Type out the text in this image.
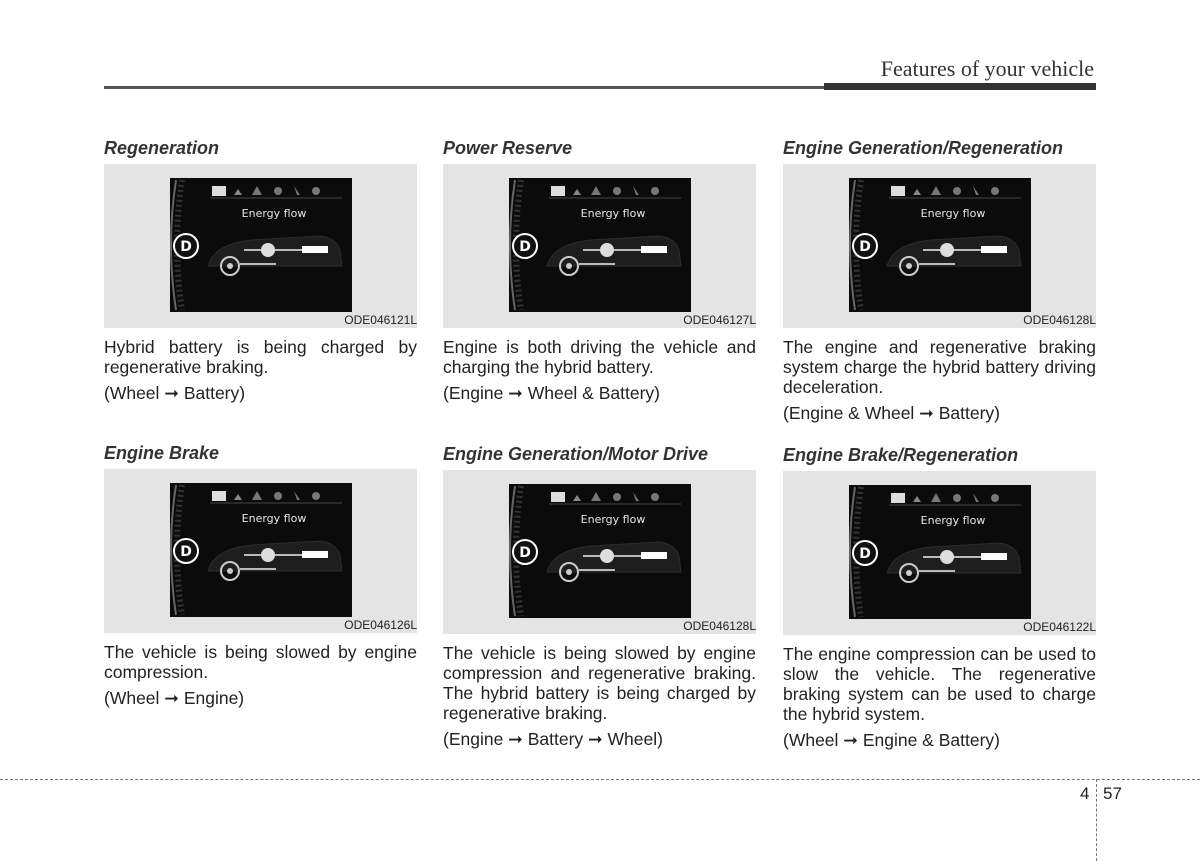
Features of your vehicle
Regeneration
Energy flow
D
ODE046121L

Hybrid battery is being charged by regenerative braking.

(Wheel ➞ Battery)

Power Reserve
Energy flow
D
ODE046127L

Engine is both driving the vehicle and charging the hybrid battery.

(Engine ➞ Wheel & Battery)

Engine Generation/Regeneration
Energy flow
D
ODE046128L

The engine and regenerative braking system charge the hybrid battery driving deceleration.

(Engine & Wheel ➞ Battery)

Engine Brake
Energy flow
D
ODE046126L

The vehicle is being slowed by engine compression.

(Wheel ➞ Engine)

Engine Generation/Motor Drive
Energy flow
D
ODE046128L

The vehicle is being slowed by engine compression and regenerative braking. The hybrid battery is being charged by regenerative braking.

(Engine ➞ Battery ➞ Wheel)

Engine Brake/Regeneration
Energy flow
D
ODE046122L

The engine compression can be used to slow the vehicle. The regenerative braking system can be used to charge the hybrid system.

(Wheel ➞ Engine & Battery)

4 57
